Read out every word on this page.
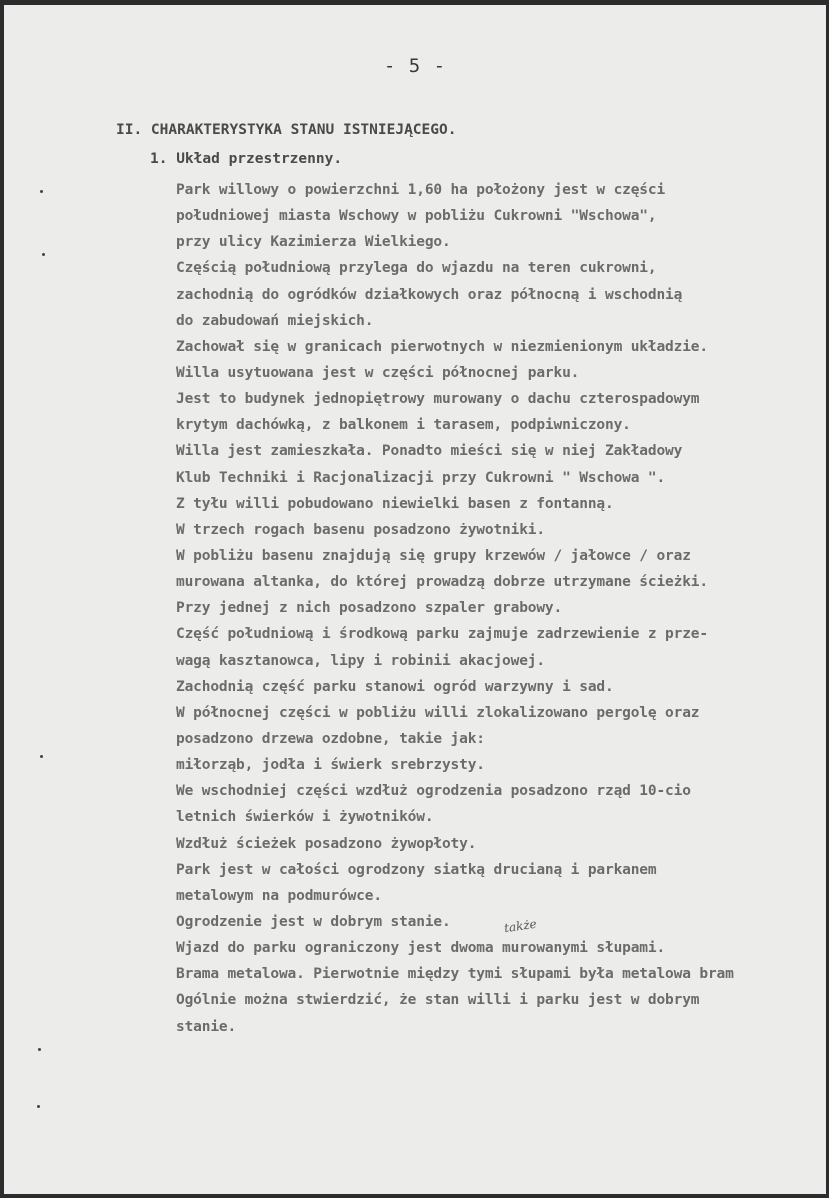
- 5 -
II. CHARAKTERYSTYKA STANU ISTNIEJĄCEGO.
1. Układ przestrzenny.
Park willowy o powierzchni 1,60 ha położony jest w części
południowej miasta Wschowy w pobliżu Cukrowni "Wschowa",
przy ulicy Kazimierza Wielkiego.
Częścią południową przylega do wjazdu na teren cukrowni,
zachodnią do ogródków działkowych oraz północną i wschodnią
do zabudowań miejskich.
Zachował się w granicach pierwotnych w niezmienionym układzie.
Willa usytuowana jest w części północnej parku.
Jest to budynek jednopiętrowy murowany o dachu czterospadowym
krytym dachówką, z balkonem i tarasem, podpiwniczony.
Willa jest zamieszkała. Ponadto mieści się w niej Zakładowy
Klub Techniki i Racjonalizacji przy Cukrowni " Wschowa ".
Z tyłu willi pobudowano niewielki basen z fontanną.
W trzech rogach basenu posadzono żywotniki.
W pobliżu basenu znajdują się grupy krzewów / jałowce / oraz
murowana altanka, do której prowadzą dobrze utrzymane ścieżki.
Przy jednej z nich posadzono szpaler grabowy.
Część południową i środkową parku zajmuje zadrzewienie z prze-
wagą kasztanowca, lipy i robinii akacjowej.
Zachodnią część parku stanowi ogród warzywny i sad.
W północnej części w pobliżu willi zlokalizowano pergolę oraz
posadzono drzewa ozdobne, takie jak:
miłorząb, jodła i świerk srebrzysty.
We wschodniej części wzdłuż ogrodzenia posadzono rząd 10-cio
letnich świerków i żywotników.
Wzdłuż ścieżek posadzono żywopłoty.
Park jest w całości ogrodzony siatką drucianą i parkanem
metalowym na podmurówce.
Ogrodzenie jest w dobrym stanie.
Wjazd do parku ograniczony jest dwoma murowanymi słupami.
Brama metalowa. Pierwotnie między tymi słupami była metalowa bram
Ogólnie można stwierdzić, że stan willi i parku jest w dobrym
stanie.
także
